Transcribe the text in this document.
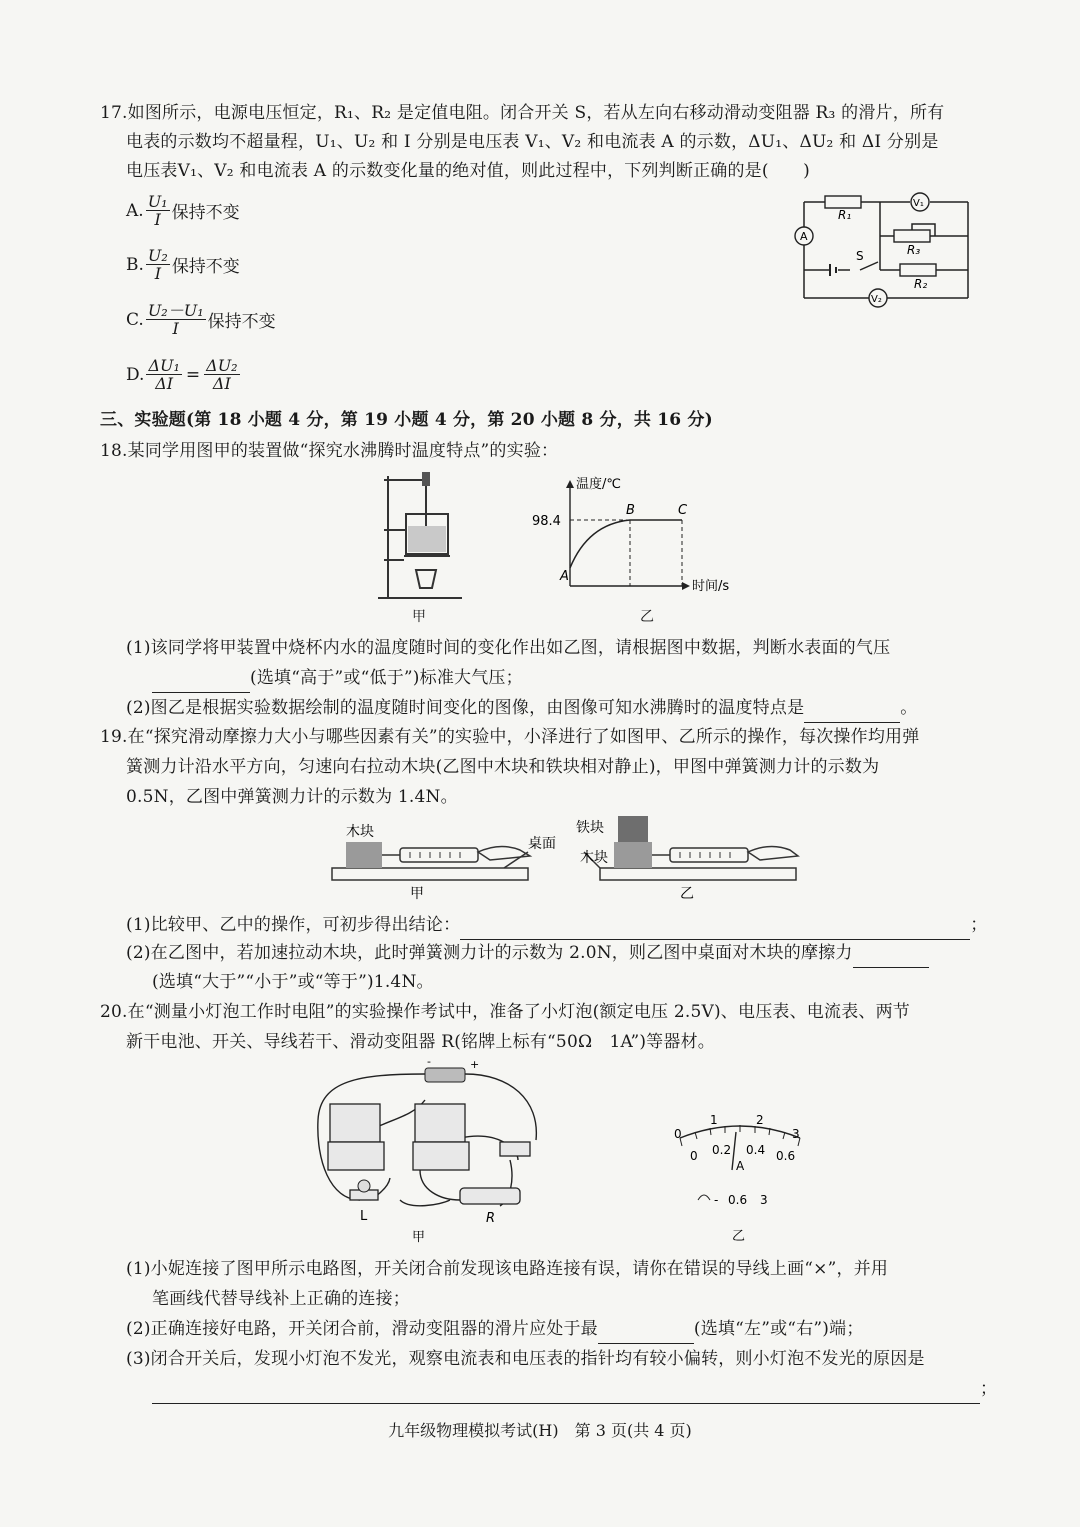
17.如图所示，电源电压恒定，R₁、R₂ 是定值电阻。闭合开关 S，若从左向右移动滑动变阻器 R₃ 的滑片，所有
电表的示数均不超量程，U₁、U₂ 和 I 分别是电压表 V₁、V₂ 和电流表 A 的示数，ΔU₁、ΔU₂ 和 ΔI 分别是
电压表V₁、V₂ 和电流表 A 的示数变化量的绝对值，则此过程中，下列判断正确的是(　　)
A. $\frac{\text{U₁}}{I}$ 保持不变
B. $\frac{\text{U₂}}{I}$ 保持不变
C. $\frac{\text{U₂－U₁}}{I}$ 保持不变
D. $\frac{\text{ΔU₁}}{\Delta I} = \frac{\text{ΔU₂}}{\Delta I}$
R₁
R₃
R₂
A
V₁
V₂
S
三、实验题(第 18 小题 4 分，第 19 小题 4 分，第 20 小题 8 分，共 16 分)
18.某同学用图甲的装置做“探究水沸腾时温度特点”的实验：
甲
温度/℃
时间/s
98.4
A
B	C
乙
(1)该同学将甲装置中烧杯内水的温度随时间的变化作出如乙图，请根据图中数据，判断水表面的气压
(选填“高于”或“低于”)标准大气压；
(2)图乙是根据实验数据绘制的温度随时间变化的图像，由图像可知水沸腾时的温度特点是	。
19.在“探究滑动摩擦力大小与哪些因素有关”的实验中，小泽进行了如图甲、乙所示的操作，每次操作均用弹
簧测力计沿水平方向，匀速向右拉动木块(乙图中木块和铁块相对静止)，甲图中弹簧测力计的示数为
0.5N，乙图中弹簧测力计的示数为 1.4N。
木块
桌面
铁块
木块
甲	乙
(1)比较甲、乙中的操作，可初步得出结论：	；
(2)在乙图中，若加速拉动木块，此时弹簧测力计的示数为 2.0N，则乙图中桌面对木块的摩擦力
(选填“大于”“小于”或“等于”)1.4N。
20.在“测量小灯泡工作时电阻”的实验操作考试中，准备了小灯泡(额定电压 2.5V)、电压表、电流表、两节
新干电池、开关、导线若干、滑动变阻器 R(铭牌上标有“50Ω　1A”)等器材。
-	+
L	R
甲
0
1	2
3
0 0.2 0.4 0.6
A
- 0.6 3
乙
(1)小妮连接了图甲所示电路图，开关闭合前发现该电路连接有误，请你在错误的导线上画“×”，并用
笔画线代替导线补上正确的连接；
(2)正确连接好电路，开关闭合前，滑动变阻器的滑片应处于最	(选填“左”或“右”)端；
(3)闭合开关后，发现小灯泡不发光，观察电流表和电压表的指针均有较小偏转，则小灯泡不发光的原因是
；
九年级物理模拟考试(H)　第 3 页(共 4 页)
